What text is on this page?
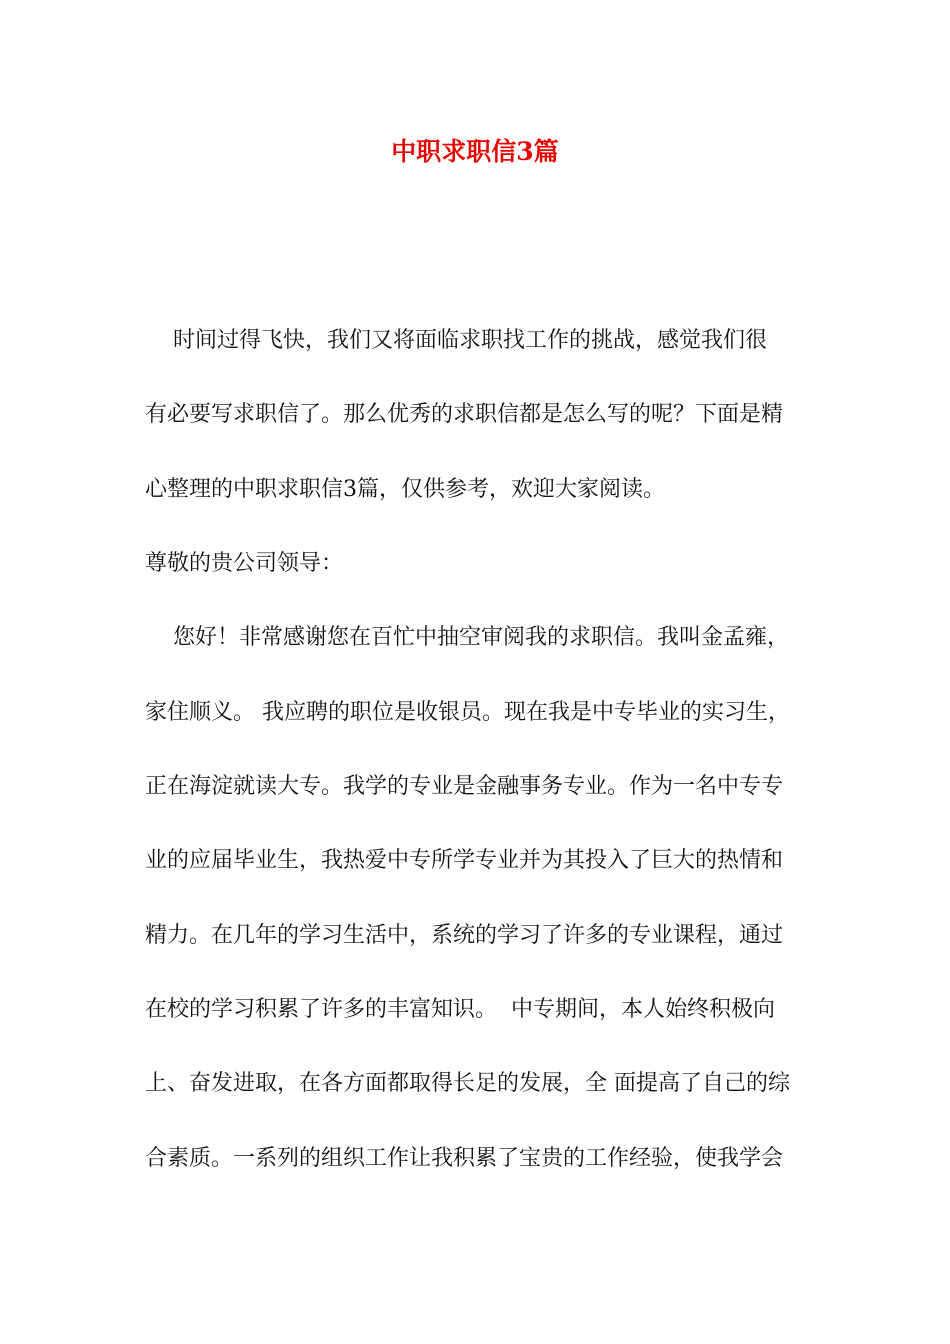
中职求职信3篇
时间过得飞快，我们又将面临求职找工作的挑战，感觉我们很
有必要写求职信了。那么优秀的求职信都是怎么写的呢？下面是精
心整理的中职求职信3篇，仅供参考，欢迎大家阅读。
尊敬的贵公司领导：
您好！非常感谢您在百忙中抽空审阅我的求职信。我叫金孟雍，
家住顺义。 我应聘的职位是收银员。现在我是中专毕业的实习生，
正在海淀就读大专。我学的专业是金融事务专业。作为一名中专专
业的应届毕业生，我热爱中专所学专业并为其投入了巨大的热情和
精力。在几年的学习生活中，系统的学习了许多的专业课程，通过
在校的学习积累了许多的丰富知识。  中专期间，本人始终积极向
上、奋发进取，在各方面都取得长足的发展，全 面提高了自己的综
合素质。一系列的组织工作让我积累了宝贵的工作经验，使我学会
